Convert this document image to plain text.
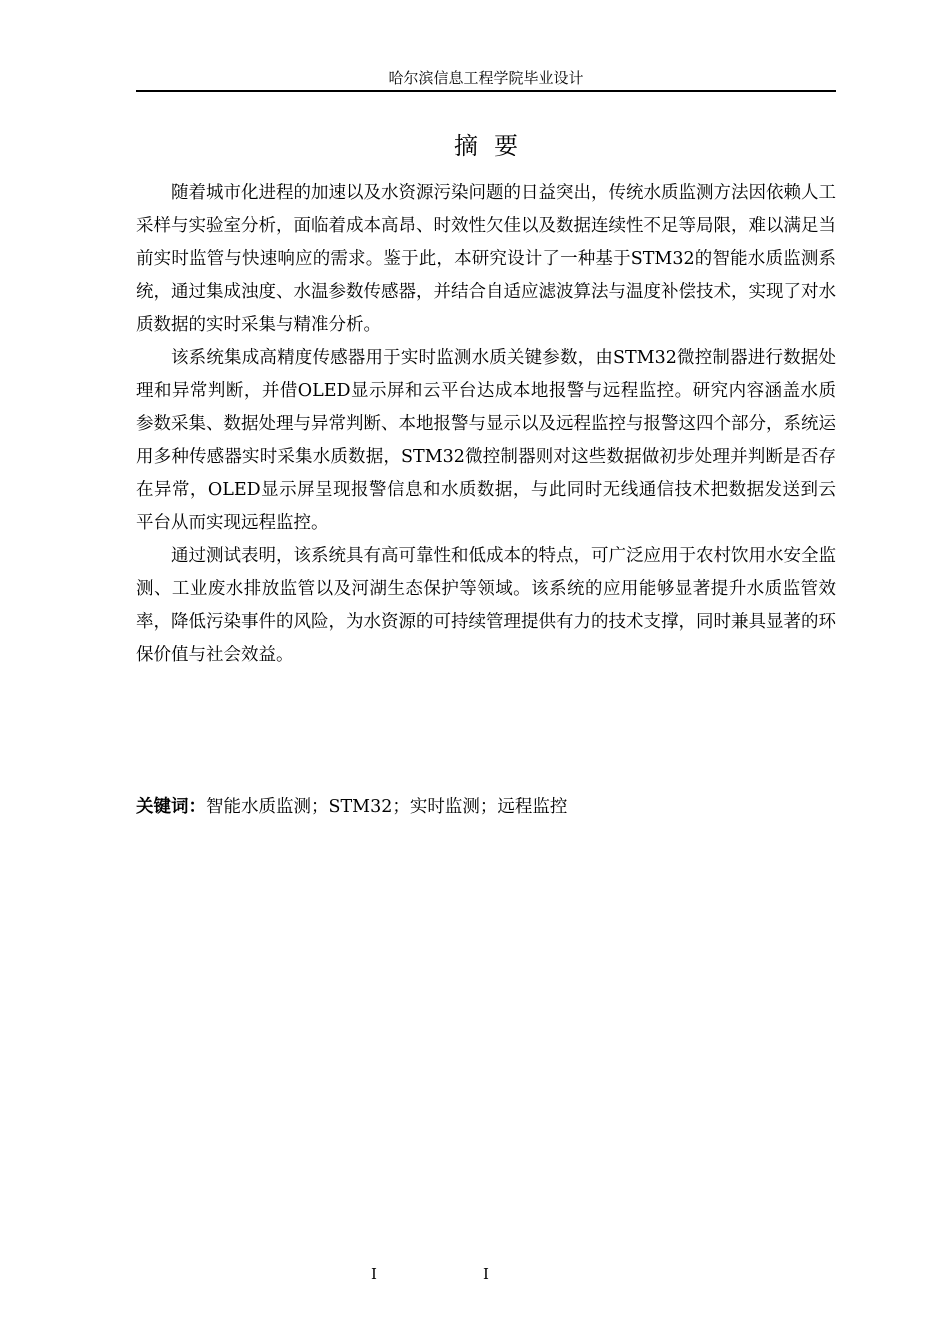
哈尔滨信息工程学院毕业设计
摘要

随着城市化进程的加速以及水资源污染问题的日益突出，传统水质监测方法因依赖人工采样与实验室分析，面临着成本高昂、时效性欠佳以及数据连续性不足等局限，难以满足当前实时监管与快速响应的需求。鉴于此，本研究设计了一种基于STM32的智能水质监测系统，通过集成浊度、水温参数传感器，并结合自适应滤波算法与温度补偿技术，实现了对水质数据的实时采集与精准分析。

该系统集成高精度传感器用于实时监测水质关键参数，由STM32微控制器进行数据处理和异常判断，并借OLED显示屏和云平台达成本地报警与远程监控。研究内容涵盖水质参数采集、数据处理与异常判断、本地报警与显示以及远程监控与报警这四个部分，系统运用多种传感器实时采集水质数据，STM32微控制器则对这些数据做初步处理并判断是否存在异常，OLED显示屏呈现报警信息和水质数据，与此同时无线通信技术把数据发送到云平台从而实现远程监控。

通过测试表明，该系统具有高可靠性和低成本的特点，可广泛应用于农村饮用水安全监测、工业废水排放监管以及河湖生态保护等领域。该系统的应用能够显著提升水质监管效率，降低污染事件的风险，为水资源的可持续管理提供有力的技术支撑，同时兼具显著的环保价值与社会效益。

关键词：智能水质监测；STM32；实时监测；远程监控
I	I
